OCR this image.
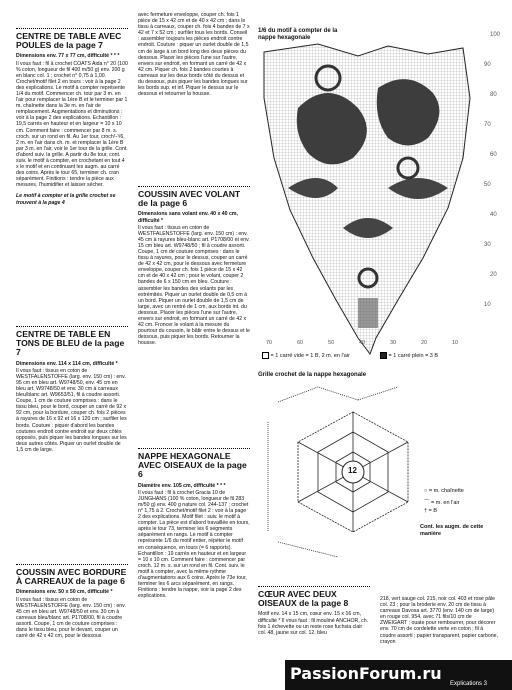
CENTRE DE TABLE AVEC
POULES de la page 7

Dimensions env. 77 x 77 cm, difficulté * * *

Il vous faut : fil à crochet COATS Aida n° 20 (100 % coton, longueur de fil 400 m/50 g) env. 200 g en blanc col. 1 ; crochet n° 0,75 à 1,00. Crochet/motif filet 2 en tours : voir à la page 2 des explications. Le motif à compter représente 1/4 du motif. Commencer ch. tour par 3 m. en l'air pour remplacer la 1ère B et le terminer par 1 m. chaînette dans la 3e m. en l'air de remplacement. Augmentations et diminutions : voir à la page 2 des explications. Echantillon : 19,5 carrés en hauteur et en largeur = 10 x 10 cm. Comment faire : commencer par 8 m. s. croch. sur un rond en fil. Au 1er tour, croch¹-¹/6, 2 m. en l'air dans ch. m. et remplacer la 1ère B par 3 m. en l'air, voir le 1er tour de la grille. Cont. d'abord suiv. la grille. A partir du 8e tour, cont. suiv. le motif à compter, en crochetant en tout 4 x le motif et en continuant les augm. au carré des coins. Après le tour 65, terminer ch. cran séparément. Finitions : tendre la pièce aux mesures, l'humidifier et laisser sécher.

Le motif à compter et la grille crochet se trouvent à la page 4

CENTRE DE TABLE EN
TONS DE BLEU de la page 7

Dimensions env. 114 x 114 cm, difficulté *

Il vous faut : tissus en coton de WESTFALENSTOFFE (larg. env. 150 cm) : env. 95 cm en bleu art. W9748/50, env. 45 cm en bleu art. W9748/50 et env. 30 cm à carreaux bleu/blanc art. W9653/51, fil à coudre assorti. Coupe, 1 cm de couture comprises : dans le tissu bleu, pour le bord, couper un carré de 92 x 92 cm, pour la bordure, couper ch. fois 2 pièces à rayures de 16 x 92 et 16 x 120 cm ; surfiler les bords. Couture : piquer d'abord les bandes coutures endroit contre endroit sur deux côtés opposés, puis piquer les bandes longues sur les deux autres côtés. Piquer un ourlet double de 1,5 cm de large.

COUSSIN AVEC BORDURE
À CARREAUX de la page 6

Dimensions env. 50 x 50 cm, difficulté *

Il vous faut : tissus en coton de WESTFALENSTOFFE (larg. env. 150 cm) : env. 45 cm en bleu art. W9748/50 et env. 30 cm à carreaux bleu/blanc art. P1708/00, fil à coudre assorti. Coupe, 1 cm de couture comprises : dans le tissu bleu, pour le devant, couper un carré de 42 x 42 cm, pour le dessous

avec fermeture enveloppe, couper ch. fois 1 pièce de 15 x 42 cm et de 40 x 42 cm ; dans le tissu à carreaux, couper ch. fois 4 bandes de 7 x 42 et 7 x 52 cm ; surfiler tous les bords. Conseil : assembler toujours les pièces endroit contre endroit. Couture : piquer un ourlet double de 1,5 cm de large à un bord long des deux pièces du dessous. Placer les pièces l'une sur l'autre, envers sur endroit, en formant un carré de 42 x 42 cm. Piquer ch. fois 2 bandes courtes à carreaux sur les deux bords côté du dessus et du dessous, puis piquer les bandes longues sur les bords sup. et inf. Piquer le dessus sur le dessous et retourner la housse.

COUSSIN AVEC VOLANT
de la page 6

Dimensions sans volant env. 40 x 40 cm, difficulté *

Il vous faut : tissus en coton de WESTFALENSTOFFE (larg. env. 150 cm) : env. 45 cm à rayures bleu-blanc art. P1708/00 et env. 15 cm bleu art. W9748/50 ; fil à coudre assorti. Coupe, 1 cm de couture comprises : dans le tissu à rayures, pour le dessus, couper un carré de 42 x 42 cm, pour le dessous avec fermeture enveloppe, couper ch. fois 1 pièce de 15 x 42 cm et de 40 x 42 cm ; pour le volant, couper 2 bandes de 6 x 150 cm en bleu. Couture : assembler les bandes des volants par les extrémités. Piquer un ourlet double de 0,5 cm à un bord. Piquer un ourlet double de 1,5 cm de large, avec un rentré de 1 cm, aux bords int. du dessous. Placer les pièces l'une sur l'autre, envers sur endroit, en formant un carré de 42 x 42 cm. Froncer le volant à la mesure du pourtour du coussin, le bâtir entre le dessus et le dessous, puis piquer les bords. Retourner la housse.

NAPPE HEXAGONALE
AVEC OISEAUX de la page 6

Diamètre env. 105 cm, difficulté * * *

Il vous faut : fil à crochet Gracia 10 de JUNGHANS (100 % coton, longueur de fil 283 m/50 g) env. 400 g nature col. 244-137 ; crochet n° 1,75 à 2. Crochet/motif filet 2 : voir à la page 2 des explications. Motif filet : suiv. le motif à compter. La pièce est d'abord travaillée en tours, après le tour 73, terminer les 6 segments séparément en rangs. Le motif à compter représente 1/6 du motif entier, répéter le motif en conséquence, en tours (= 6 rapports). Echantillon : 19 carrés en hauteur et en largeur = 10 x 10 cm. Comment faire : commencer par croch. 12 m. s. sur un rond en fil. Cont. suiv. le motif à compter, avec la même rythme d'augmentations aux 6 coins. Après le 73e tour, terminer les 6 arcs séparément, en rangs. Finitions : tendre la nappe, voir la page 2 des explications.

1/6 du motif à compter de la
nappe hexagonale	100
90
80
70
60
50
40
30
20
10
70	60	50	40	30	20	10
= 1 carré vide = 1 B, 2 m. en l'air	= 1 carré plein = 3 B
Grille crochet de la nappe hexagonale
12
○ = m. chaînette
⌒ = m. en l'air
† = B
Cont. les augm. de cette
manière
CŒUR AVEC DEUX
OISEAUX de la page 8

Motif env. 14 x 15 cm, cœur env. 15 x 16 cm, difficulté * Il vous faut : fil mouliné ANCHOR, ch. fois 1 échevette ou un reste rose fuchsia clair col. 48, jaune sur col. 12, bleu

218, vert sauge col. 215, noir col. 403 et rose pâle col. 23 ; pour la broderie env. 20 cm de tissu à carreaux Davosa art. 3770 (env. 140 cm de large) en rouge col. 954, avec 71 fils/10 cm de ZWEIGART ; ouate pour rembourrer, pour décorer env. 70 cm de cordelette verte en coton ; fil à coudre assorti ; papier transparent, papier carbone, crayon

PassionForum.ru
Explications 3
